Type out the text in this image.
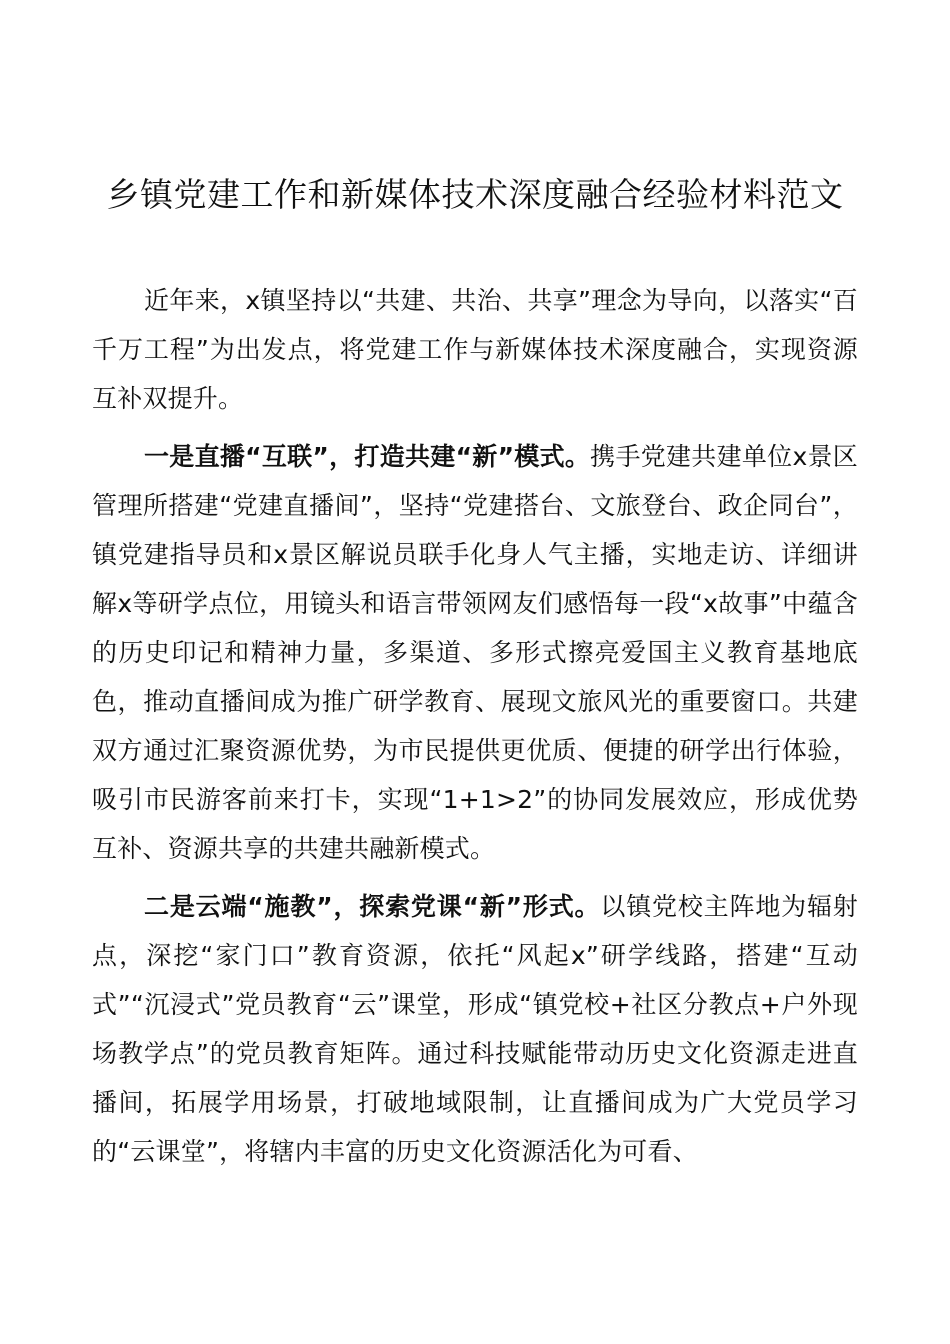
乡镇党建工作和新媒体技术深度融合经验材料范文

近年来，x镇坚持以“共建、共治、共享”理念为导向，以落实“百千万工程”为出发点，将党建工作与新媒体技术深度融合，实现资源互补双提升。

一是直播“互联”，打造共建“新”模式。携手党建共建单位x景区管理所搭建“党建直播间”，坚持“党建搭台、文旅登台、政企同台”，镇党建指导员和x景区解说员联手化身人气主播，实地走访、详细讲解x等研学点位，用镜头和语言带领网友们感悟每一段“x故事”中蕴含的历史印记和精神力量，多渠道、多形式擦亮爱国主义教育基地底色，推动直播间成为推广研学教育、展现文旅风光的重要窗口。共建双方通过汇聚资源优势，为市民提供更优质、便捷的研学出行体验，吸引市民游客前来打卡，实现“1+1>2”的协同发展效应，形成优势互补、资源共享的共建共融新模式。

二是云端“施教”，探索党课“新”形式。以镇党校主阵地为辐射点，深挖“家门口”教育资源，依托“风起x”研学线路，搭建“互动式”“沉浸式”党员教育“云”课堂，形成“镇党校+社区分教点+户外现场教学点”的党员教育矩阵。通过科技赋能带动历史文化资源走进直播间，拓展学用场景，打破地域限制，让直播间成为广大党员学习的“云课堂”，将辖内丰富的历史文化资源活化为可看、
